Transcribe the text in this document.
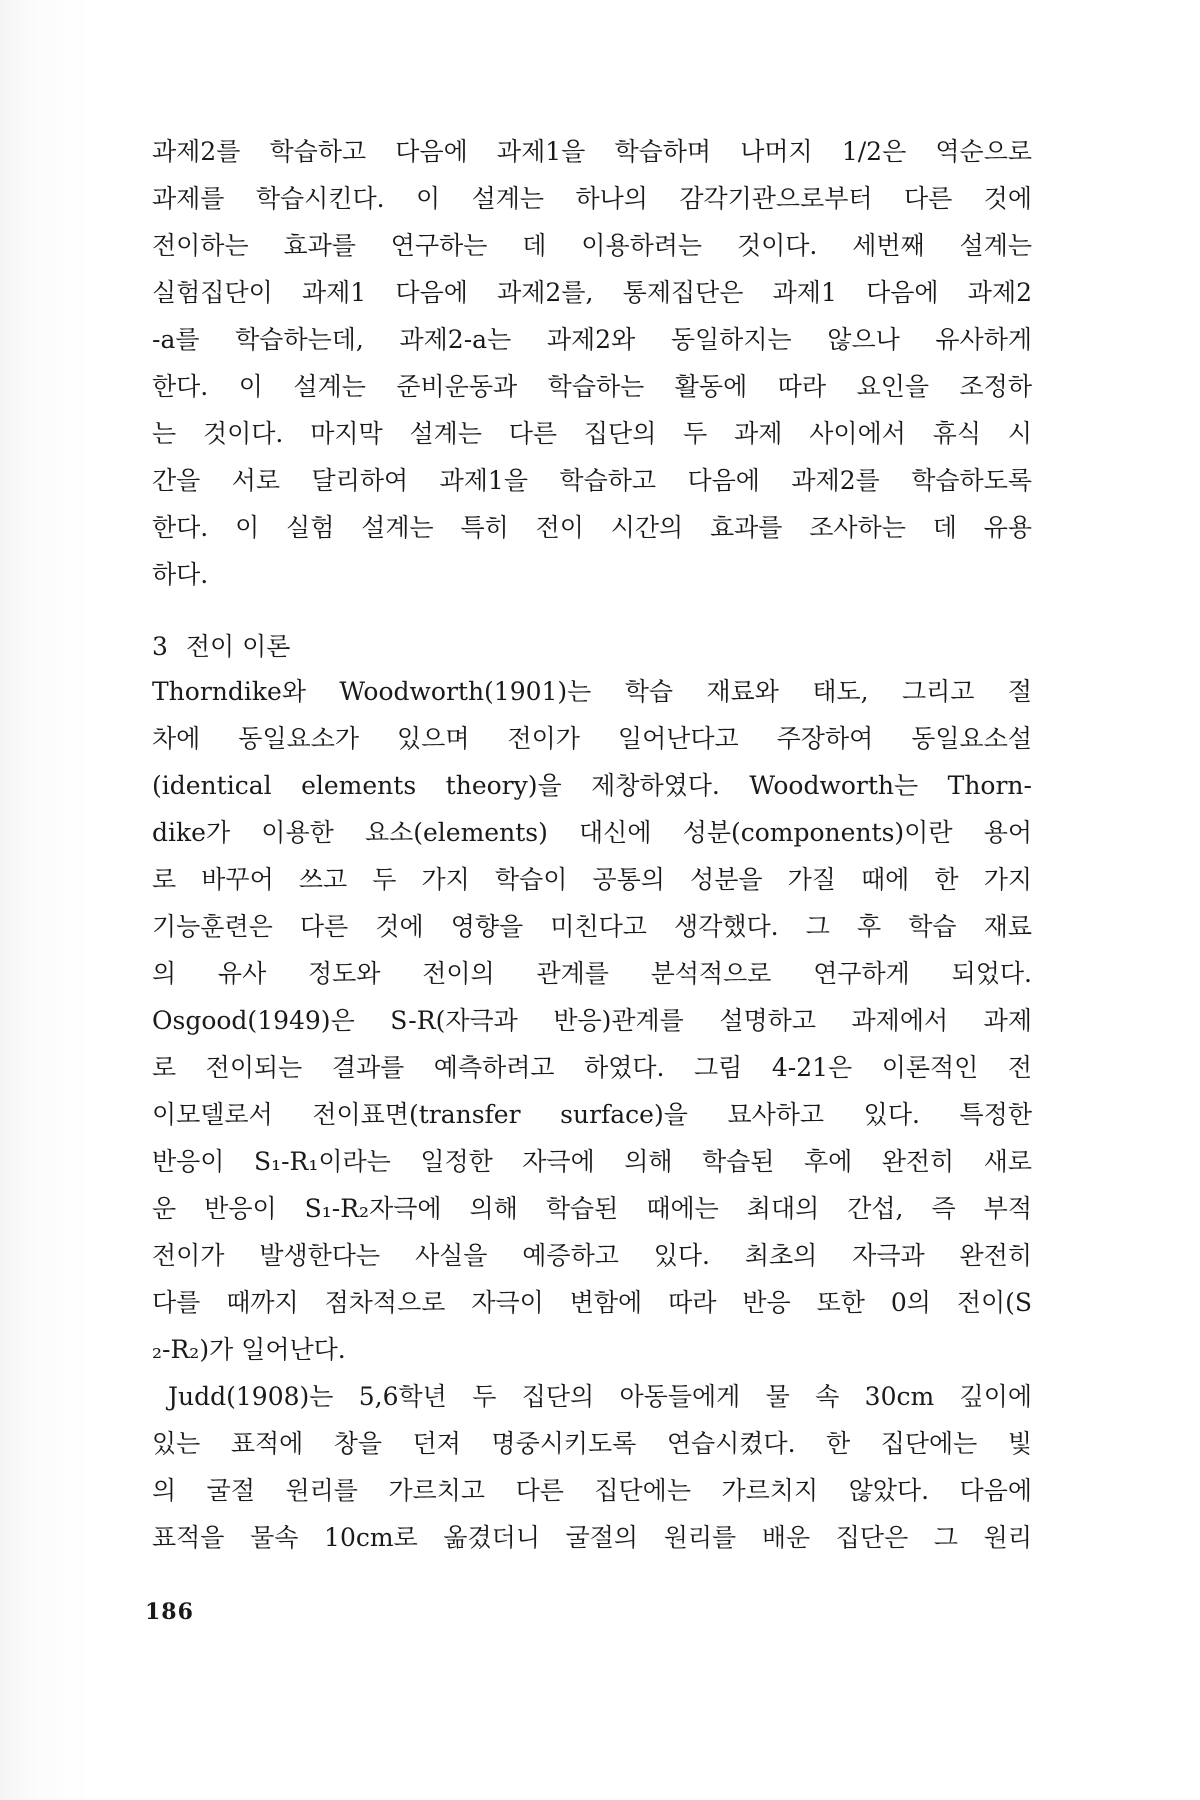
과제2를 학습하고 다음에 과제1을 학습하며 나머지 1/2은 역순으로
과제를 학습시킨다. 이 설계는 하나의 감각기관으로부터 다른 것에
전이하는 효과를 연구하는 데 이용하려는 것이다. 세번째 설계는
실험집단이 과제1 다음에 과제2를, 통제집단은 과제1 다음에 과제2
-a를 학습하는데, 과제2-a는 과제2와 동일하지는 않으나 유사하게
한다. 이 설계는 준비운동과 학습하는 활동에 따라 요인을 조정하
는 것이다. 마지막 설계는 다른 집단의 두 과제 사이에서 휴식 시
간을 서로 달리하여 과제1을 학습하고 다음에 과제2를 학습하도록
한다. 이 실험 설계는 특히 전이 시간의 효과를 조사하는 데 유용
하다.
3 전이 이론
Thorndike와 Woodworth(1901)는 학습 재료와 태도, 그리고 절
차에 동일요소가 있으며 전이가 일어난다고 주장하여 동일요소설
(identical elements theory)을 제창하였다. Woodworth는 Thorn-
dike가 이용한 요소(elements) 대신에 성분(components)이란 용어
로 바꾸어 쓰고 두 가지 학습이 공통의 성분을 가질 때에 한 가지
기능훈련은 다른 것에 영향을 미친다고 생각했다. 그 후 학습 재료
의 유사 정도와 전이의 관계를 분석적으로 연구하게 되었다.
Osgood(1949)은 S-R(자극과 반응)관계를 설명하고 과제에서 과제
로 전이되는 결과를 예측하려고 하였다. 그림 4-21은 이론적인 전
이모델로서 전이표면(transfer surface)을 묘사하고 있다. 특정한
반응이 S₁-R₁이라는 일정한 자극에 의해 학습된 후에 완전히 새로
운 반응이 S₁-R₂자극에 의해 학습된 때에는 최대의 간섭, 즉 부적
전이가 발생한다는 사실을 예증하고 있다. 최초의 자극과 완전히
다를 때까지 점차적으로 자극이 변함에 따라 반응 또한 0의 전이(S
₂-R₂)가 일어난다.
Judd(1908)는 5,6학년 두 집단의 아동들에게 물 속 30cm 깊이에
있는 표적에 창을 던져 명중시키도록 연습시켰다. 한 집단에는 빛
의 굴절 원리를 가르치고 다른 집단에는 가르치지 않았다. 다음에
표적을 물속 10cm로 옮겼더니 굴절의 원리를 배운 집단은 그 원리
186
